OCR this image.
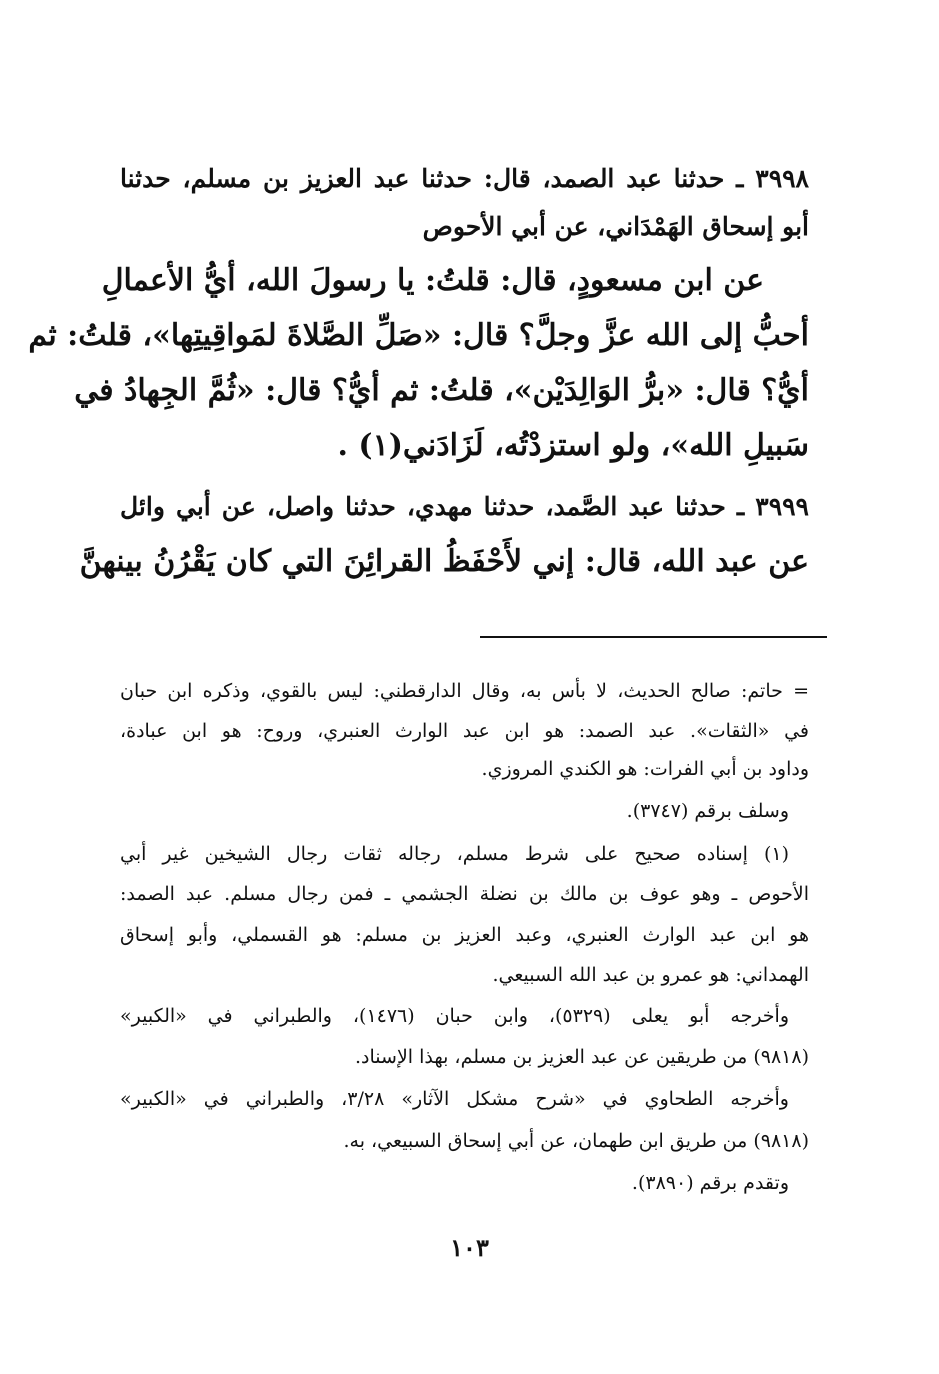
٣٩٩٨ ـ حدثنا عبد الصمد، قال: حدثنا عبد العزيز بن مسلم، حدثنا
أبو إسحاق الهَمْدَاني، عن أبي الأحوص
عن ابن مسعودٍ، قال: قلتُ: يا رسولَ الله، أيُّ الأعمالِ
أحبُّ إلى الله عزَّ وجلَّ؟ قال: «صَلِّ الصَّلاةَ لمَواقِيتِها»، قلتُ: ثم
أيُّ؟ قال: «برُّ الوَالِدَيْن»، قلتُ: ثم أيُّ؟ قال: «ثُمَّ الجِهادُ في
سَبيلِ الله»، ولو استزدْتُه، لَزَادَني(١) .
٣٩٩٩ ـ حدثنا عبد الصَّمد، حدثنا مهدي، حدثنا واصل، عن أبي وائل
عن عبد الله، قال: إني لأَحْفَظُ القرائِنَ التي كان يَقْرُنُ بينهنَّ
= حاتم: صالح الحديث، لا بأس به، وقال الدارقطني: ليس بالقوي، وذكره ابن حبان
في «الثقات». عبد الصمد: هو ابن عبد الوارث العنبري، وروح: هو ابن عبادة،
وداود بن أبي الفرات: هو الكندي المروزي.
وسلف برقم (٣٧٤٧).
(١) إسناده صحيح على شرط مسلم، رجاله ثقات رجال الشيخين غير أبي
الأحوص ـ وهو عوف بن مالك بن نضلة الجشمي ـ فمن رجال مسلم. عبد الصمد:
هو ابن عبد الوارث العنبري، وعبد العزيز بن مسلم: هو القسملي، وأبو إسحاق
الهمداني: هو عمرو بن عبد الله السبيعي.
وأخرجه أبو يعلى (٥٣٢٩)، وابن حبان (١٤٧٦)، والطبراني في «الكبير»
(٩٨١٨) من طريقين عن عبد العزيز بن مسلم، بهذا الإسناد.
وأخرجه الطحاوي في «شرح مشكل الآثار» ٣/٢٨، والطبراني في «الكبير»
(٩٨١٨) من طريق ابن طهمان، عن أبي إسحاق السبيعي، به.
وتقدم برقم (٣٨٩٠).
١٠٣
